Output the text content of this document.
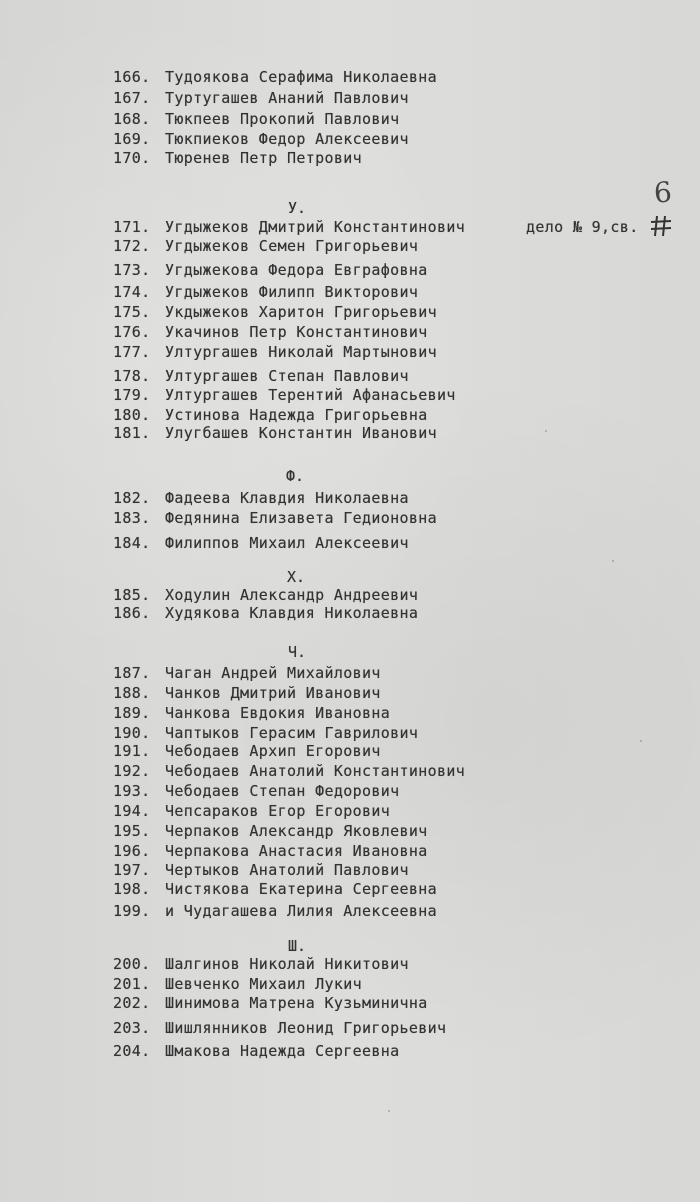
166. Тудоякова Серафима Николаевна
167. Туртугашев Ананий Павлович
168. Тюкпеев Прокопий Павлович
169. Тюкпиеков Федор Алексеевич
170. Тюренев Петр Петрович
У.
171. Угдыжеков Дмитрий Константинович	дело № 9,св.
6
172. Угдыжеков Семен Григорьевич
173. Угдыжекова Федора Евграфовна
174. Угдыжеков Филипп Викторович
175. Укдыжеков Харитон Григорьевич
176. Укачинов Петр Константинович
177. Ултургашев Николай Мартынович
178. Ултургашев Степан Павлович
179. Ултургашев Терентий Афанасьевич
180. Устинова Надежда Григорьевна
181. Улугбашев Константин Иванович
Ф.
182. Фадеева Клавдия Николаевна
183. Федянина Елизавета Гедионовна
184. Филиппов Михаил Алексеевич
Х.
185. Ходулин Александр Андреевич
186. Худякова Клавдия Николаевна
Ч.
187. Чаган Андрей Михайлович
188. Чанков Дмитрий Иванович
189. Чанкова Евдокия Ивановна
190. Чаптыков Герасим Гаврилович
191. Чебодаев Архип Егорович
192. Чебодаев Анатолий Константинович
193. Чебодаев Степан Федорович
194. Чепсараков Егор Егорович
195. Черпаков Александр Яковлевич
196. Черпакова Анастасия Ивановна
197. Чертыков Анатолий Павлович
198. Чистякова Екатерина Сергеевна
199. и Чудагашева Лилия Алексеевна
Ш.
200. Шалгинов Николай Никитович
201. Шевченко Михаил Лукич
202. Шинимова Матрена Кузьминична
203. Шишлянников Леонид Григорьевич
204. Шмакова Надежда Сергеевна
